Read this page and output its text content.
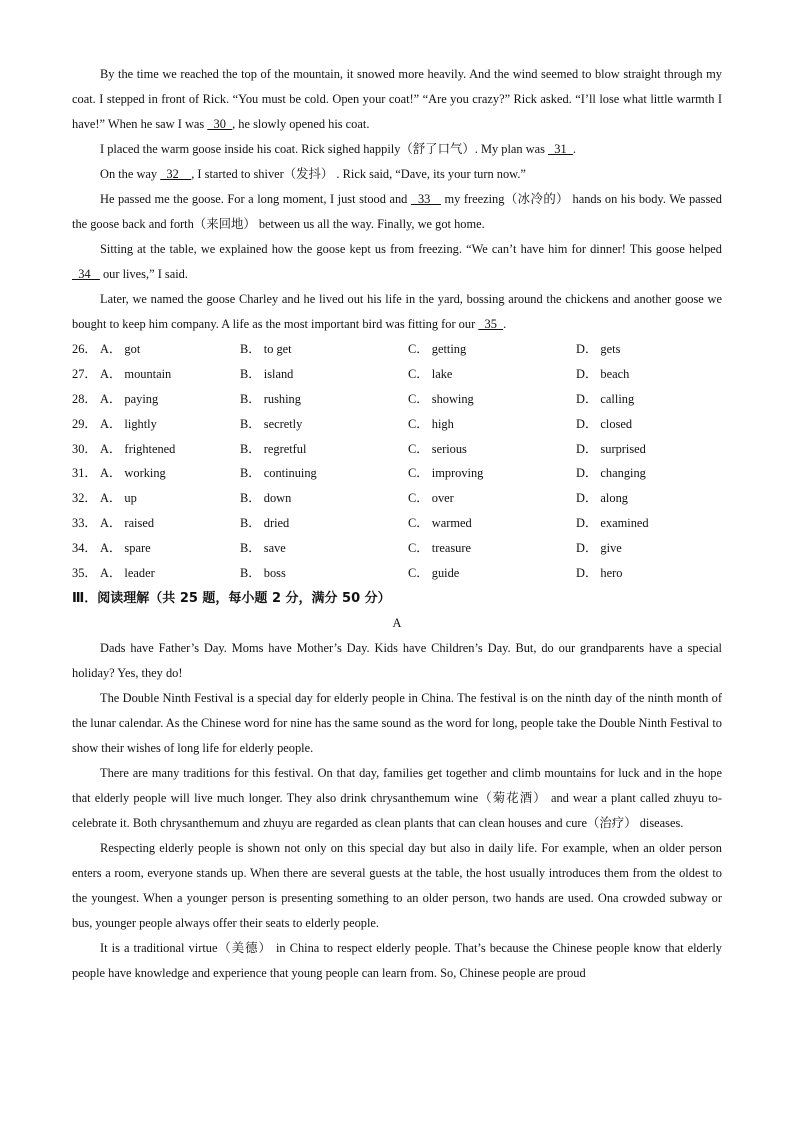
By the time we reached the top of the mountain, it snowed more heavily. And the wind seemed to blow straight through my coat. I stepped in front of Rick. “You must be cold. Open your coat!” “Are you crazy?” Rick asked. “I’ll lose what little warmth I have!” When he saw I was   30  , he slowly opened his coat.

I placed the warm goose inside his coat. Rick sighed happily（舒了口气）. My plan was   31  .

On the way   32    , I started to shiver（发抖） . Rick said, “Dave, its your turn now.”

He passed me the goose. For a long moment, I just stood and   33    my freezing（冰冷的） hands on his body. We passed the goose back and forth（来回地） between us all the way. Finally, we got home.

Sitting at the table, we explained how the goose kept us from freezing. “We can’t have him for dinner! This goose helped   34    our lives,” I said.

Later, we named the goose Charley and he lived out his life in the yard, bossing around the chickens and another goose we bought to keep him company. A life as the most important bird was fitting for our   35  .

26． A． got	B． to get	C． getting	D． gets
27． A． mountain	B． island	C． lake	D． beach
28． A． paying	B． rushing	C． showing	D． calling
29． A． lightly	B． secretly	C． high	D． closed
30． A． frightened	B． regretful	C． serious	D． surprised
31． A． working	B． continuing	C． improving	D． changing
32． A． up	B． down	C． over	D． along
33． A． raised	B． dried	C． warmed	D． examined
34． A． spare	B． save	C． treasure	D． give
35． A． leader	B． boss	C． guide	D． hero

Ⅲ．阅读理解（共 25 题，每小题 2 分，满分 50 分）

A

Dads have Father’s Day. Moms have Mother’s Day. Kids have Children’s Day. But, do our grandparents have a special holiday? Yes, they do!

The Double Ninth Festival is a special day for elderly people in China. The festival is on the ninth day of the ninth month of the lunar calendar. As the Chinese word for nine has the same sound as the word for long, people take the Double Ninth Festival to show their wishes of long life for elderly people.

There are many traditions for this festival. On that day, families get together and climb mountains for luck and in the hope that elderly people will live much longer. They also drink chrysanthemum wine（菊花酒） and wear a plant called zhuyu to- celebrate it. Both chrysanthemum and zhuyu are regarded as clean plants that can clean houses and cure（治疗） diseases.

Respecting elderly people is shown not only on this special day but also in daily life. For example, when an older person enters a room, everyone stands up. When there are several guests at the table, the host usually introduces them from the oldest to the youngest. When a younger person is presenting something to an older person, two hands are used. Ona crowded subway or bus, younger people always offer their seats to elderly people.

It is a traditional virtue（美德） in China to respect elderly people. That’s because the Chinese people know that elderly people have knowledge and experience that young people can learn from. So, Chinese people are proud
